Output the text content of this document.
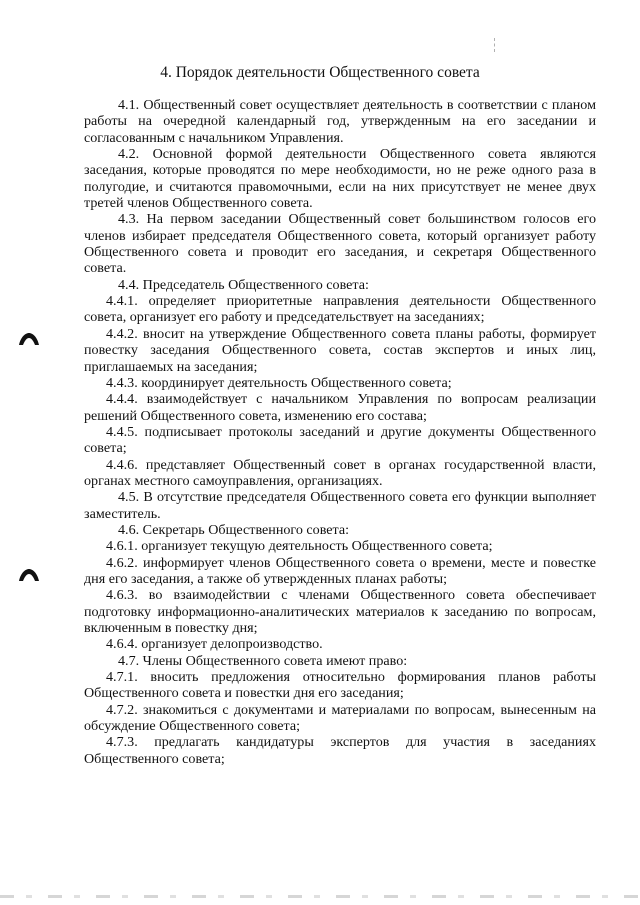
4. Порядок деятельности Общественного совета

4.1. Общественный совет осуществляет деятельность в соответствии с планом работы на очередной календарный год, утвержденным на его заседании и согласованным с начальником Управления.

4.2. Основной формой деятельности Общественного совета являются заседания, которые проводятся по мере необходимости, но не реже одного раза в полугодие, и считаются правомочными, если на них присутствует не менее двух третей членов Общественного совета.

4.3. На первом заседании Общественный совет большинством голосов его членов избирает председателя Общественного совета, который организует работу Общественного совета и проводит его заседания, и секретаря Общественного совета.

4.4. Председатель Общественного совета:

4.4.1. определяет приоритетные направления деятельности Общественного совета, организует его работу и председательствует на заседаниях;

4.4.2. вносит на утверждение Общественного совета планы работы, формирует повестку заседания Общественного совета, состав экспертов и иных лиц, приглашаемых на заседания;

4.4.3. координирует деятельность Общественного совета;

4.4.4. взаимодействует с начальником Управления по вопросам реализации решений Общественного совета, изменению его состава;

4.4.5. подписывает протоколы заседаний и другие документы Общественного совета;

4.4.6. представляет Общественный совет в органах государственной власти, органах местного самоуправления, организациях.

4.5. В отсутствие председателя Общественного совета его функции выполняет заместитель.

4.6. Секретарь Общественного совета:

4.6.1. организует текущую деятельность Общественного совета;

4.6.2. информирует членов Общественного совета о времени, месте и повестке дня его заседания, а также об утвержденных планах работы;

4.6.3. во взаимодействии с членами Общественного совета обеспечивает подготовку информационно-аналитических материалов к заседанию по вопросам, включенным в повестку дня;

4.6.4. организует делопроизводство.

4.7. Члены Общественного совета имеют право:

4.7.1. вносить предложения относительно формирования планов работы Общественного совета и повестки дня его заседания;

4.7.2. знакомиться с документами и материалами по вопросам, вынесенным на обсуждение Общественного совета;

4.7.3. предлагать кандидатуры экспертов для участия в заседаниях Общественного совета;
